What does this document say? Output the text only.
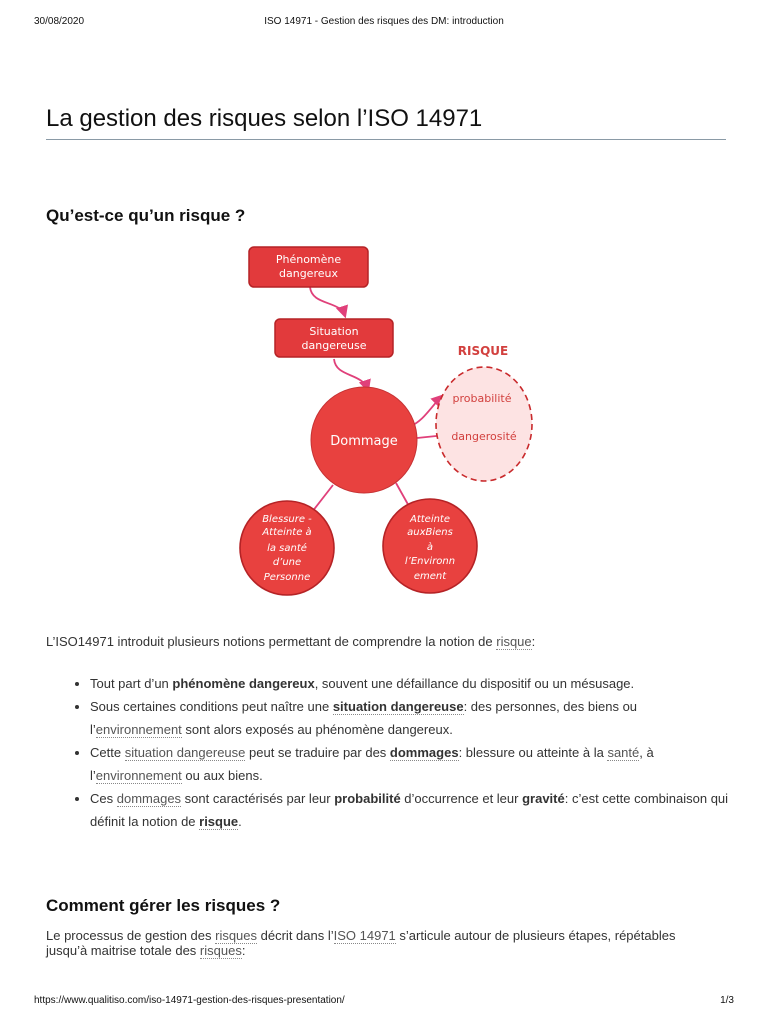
30/08/2020	ISO 14971 - Gestion des risques des DM: introduction
La gestion des risques selon l’ISO 14971
Qu’est-ce qu’un risque ?
Phénomène
dangereux
Situation
dangereuse
Dommage
RISQUE
probabilité
dangerosité
Blessure -
Atteinte à
la santé
d’une
Personne
Atteinte
auxBiens
à
l’Environn
ement

L’ISO14971 introduit plusieurs notions permettant de comprendre la notion de risque:

• Tout part d’un phénomène dangereux, souvent une défaillance du dispositif ou un mésusage.
• Sous certaines conditions peut naître une situation dangereuse: des personnes, des biens ou l’environnement sont alors exposés au phénomène dangereux.
• Cette situation dangereuse peut se traduire par des dommages: blessure ou atteinte à la santé, à l’environnement ou aux biens.
• Ces dommages sont caractérisés par leur probabilité d’occurrence et leur gravité: c’est cette combinaison qui définit la notion de risque.
Comment gérer les risques ?

Le processus de gestion des risques décrit dans l’ISO 14971 s’articule autour de plusieurs étapes, répétables jusqu’à maitrise totale des risques:

https://www.qualitiso.com/iso-14971-gestion-des-risques-presentation/	1/3
